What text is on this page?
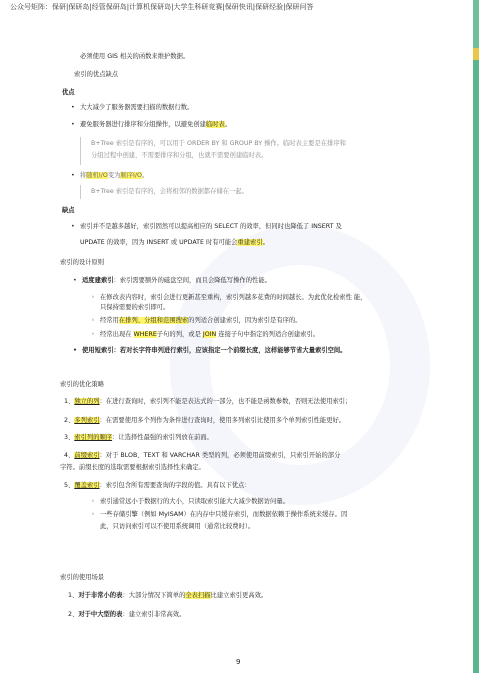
公众号矩阵：保研|保研岛|经管保研岛|计算机保研岛|大学生科研竞赛|保研快讯|保研经验|保研问答
必须使用 GIS 相关的函数来维护数据。
索引的优点缺点
优点
• 大大减少了服务器需要扫描的数据行数。
• 避免服务器进行排序和分组操作，以避免创建临时表。
B+Tree 索引是有序的，可以用于 ORDER BY 和 GROUP BY 操作。临时表主要是在排序和
分组过程中创建，不需要排序和分组，也就不需要创建临时表。
• 将随机I/O变为顺序I/O。
B+Tree 索引是有序的，会将相邻的数据都存储在一起。
缺点
• 索引并不是越多越好，索引固然可以提高相应的 SELECT 的效率，但同时也降低了 INSERT 及
UPDATE 的效率，因为 INSERT 或 UPDATE 时有可能会重建索引。
索引的设计原则
• 适度建索引：索引需要额外的磁盘空间，而且会降低写操作的性能。
◦ 在修改表内容时，索引会进行更新甚至重构，索引列越多花费的时间越长。为此优化检索性 能，
只保持需要的索引即可。
◦ 经常用在排列、分组和范围搜索的列适合创建索引，因为索引是有序的。
◦ 经常出现在 WHERE子句的列，或是 JOIN 连接子句中指定的列适合创建索引。
• 使用短索引：若对长字符串列进行索引，应该指定一个前缀长度，这样能够节省大量索引空间。
索引的优化策略
1、独立的列：在进行查询时，索引列不能是表达式的一部分，也不能是函数参数，否则无法使用索引；
2、多列索引：在需要使用多个列作为条件进行查询时，使用多列索引比使用多个单列索引性能更好。
3、索引列的顺序：让选择性最强的索引列放在前面。
4、前缀索引：对于 BLOB、TEXT 和 VARCHAR 类型的列，必须使用前缀索引，只索引开始的部分
字符。前缀长度的选取需要根据索引选择性来确定。
5、覆盖索引：索引包含所有需要查询的字段的值。具有以下优点：
◦ 索引通常远小于数据行的大小，只读取索引能大大减少数据访问量。
◦ 一些存储引擎（例如 MyISAM）在内存中只缓存索引，而数据依赖于操作系统来缓存。因
此，只访问索引可以不使用系统调用（通常比较费时）。
索引的使用场景
1、对于非常小的表：大部分情况下简单的全表扫描比建立索引更高效。
2、对于中大型的表：建立索引非常高效。
9
